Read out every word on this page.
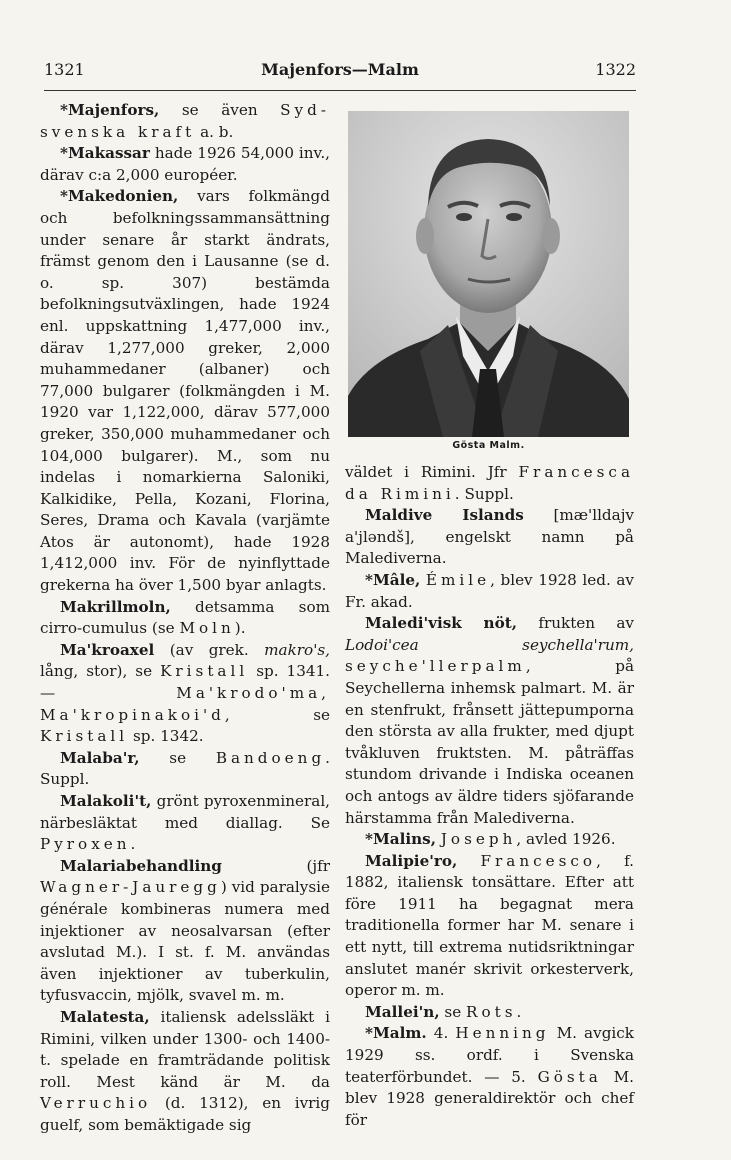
1321	Majenfors—Malm	1322

*Majenfors, se även Syd-svenska kraft a. b.

*Makassar hade 1926 54,000 inv., därav c:a 2,000 européer.

*Makedonien, vars folkmängd och befolkningssammansättning under senare år starkt ändrats, främst genom den i Lausanne (se d. o. sp. 307) bestämda befolkningsutväxlingen, hade 1924 enl. uppskattning 1,477,000 inv., därav 1,277,000 greker, 2,000 muhammedaner (albaner) och 77,000 bulgarer (folkmängden i M. 1920 var 1,122,000, därav 577,000 greker, 350,000 muhammedaner och 104,000 bulgarer). M., som nu indelas i nomarkierna Saloniki, Kalkidike, Pella, Kozani, Florina, Seres, Drama och Kavala (varjämte Atos är autonomt), hade 1928 1,412,000 inv. För de nyinflyttade grekerna ha över 1,500 byar anlagts.

Makrillmoln, detsamma som cirro-cumulus (se Moln).

Ma'kroaxel (av grek. makro's, lång, stor), se Kristall sp. 1341. — Ma'krodo'ma, Ma'kropinakoi'd, se Kristall sp. 1342.

Malaba'r, se Bandoeng. Suppl.

Malakoli't, grönt pyroxenmineral, närbesläktat med diallag. Se Pyroxen.

Malariabehandling (jfr Wagner-Jauregg) vid paralysie générale kombineras numera med injektioner av neosalvarsan (efter avslutad M.). I st. f. M. användas även injektioner av tuberkulin, tyfusvaccin, mjölk, svavel m. m.

Malatesta, italiensk adelssläkt i Rimini, vilken under 1300- och 1400-t. spelade en framträdande politisk roll. Mest känd är M. da Verruchio (d. 1312), en ivrig guelf, som bemäktigade sig

Gösta Malm.

väldet i Rimini. Jfr Francesca da Rimini. Suppl.

Maldive Islands [mæ'lldajv a'jləndš], engelskt namn på Malediverna.

*Mâle, Émile, blev 1928 led. av Fr. akad.

Maledi'visk nöt, frukten av Lodoi'cea seychella'rum, seyche'llerpalm, på Seychellerna inhemsk palmart. M. är en stenfrukt, frånsett jättepumporna den största av alla frukter, med djupt tvåkluven fruktsten. M. påträffas stundom drivande i Indiska oceanen och antogs av äldre tiders sjöfarande härstamma från Malediverna.

*Malins, Joseph, avled 1926.

Malipie'ro, Francesco, f. 1882, italiensk tonsättare. Efter att före 1911 ha begagnat mera traditionella former har M. senare i ett nytt, till extrema nutidsriktningar anslutet manér skrivit orkesterverk, operor m. m.

Mallei'n, se Rots.

*Malm. 4. Henning M. avgick 1929 ss. ordf. i Svenska teaterförbundet. — 5. Gösta M. blev 1928 generaldirektör och chef för
